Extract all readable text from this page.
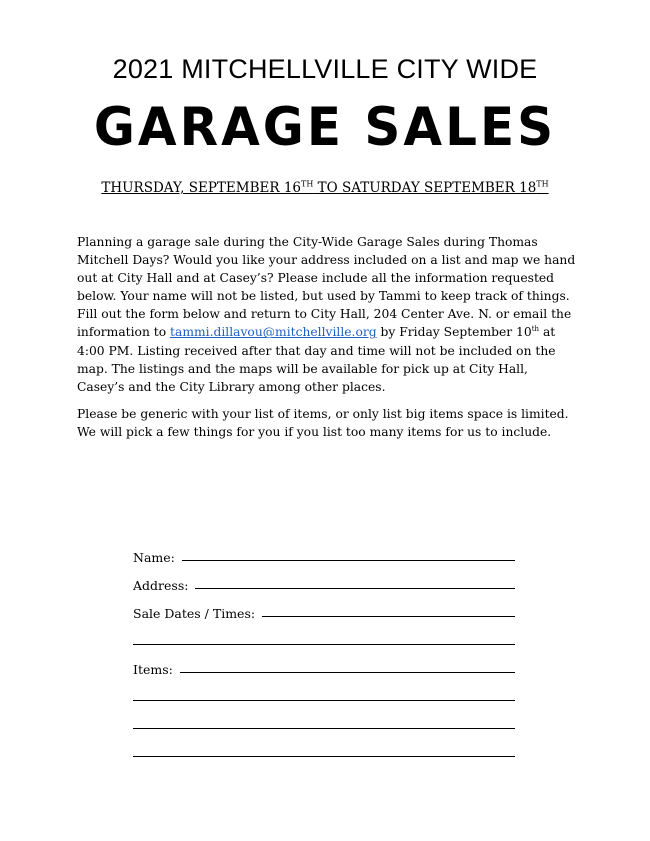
2021 MITCHELLVILLE CITY WIDE
GARAGE SALES
THURSDAY, SEPTEMBER 16TH TO SATURDAY SEPTEMBER 18TH

Planning a garage sale during the City-Wide Garage Sales during Thomas Mitchell Days? Would you like your address included on a list and map we hand out at City Hall and at Casey’s? Please include all the information requested below. Your name will not be listed, but used by Tammi to keep track of things. Fill out the form below and return to City Hall, 204 Center Ave. N. or email the information to tammi.dillavou@mitchellville.org by Friday September 10th at 4:00 PM. Listing received after that day and time will not be included on the map. The listings and the maps will be available for pick up at City Hall, Casey’s and the City Library among other places.

Please be generic with your list of items, or only list big items space is limited. We will pick a few things for you if you list too many items for us to include.

Name:
Address:
Sale Dates / Times:
Items:
